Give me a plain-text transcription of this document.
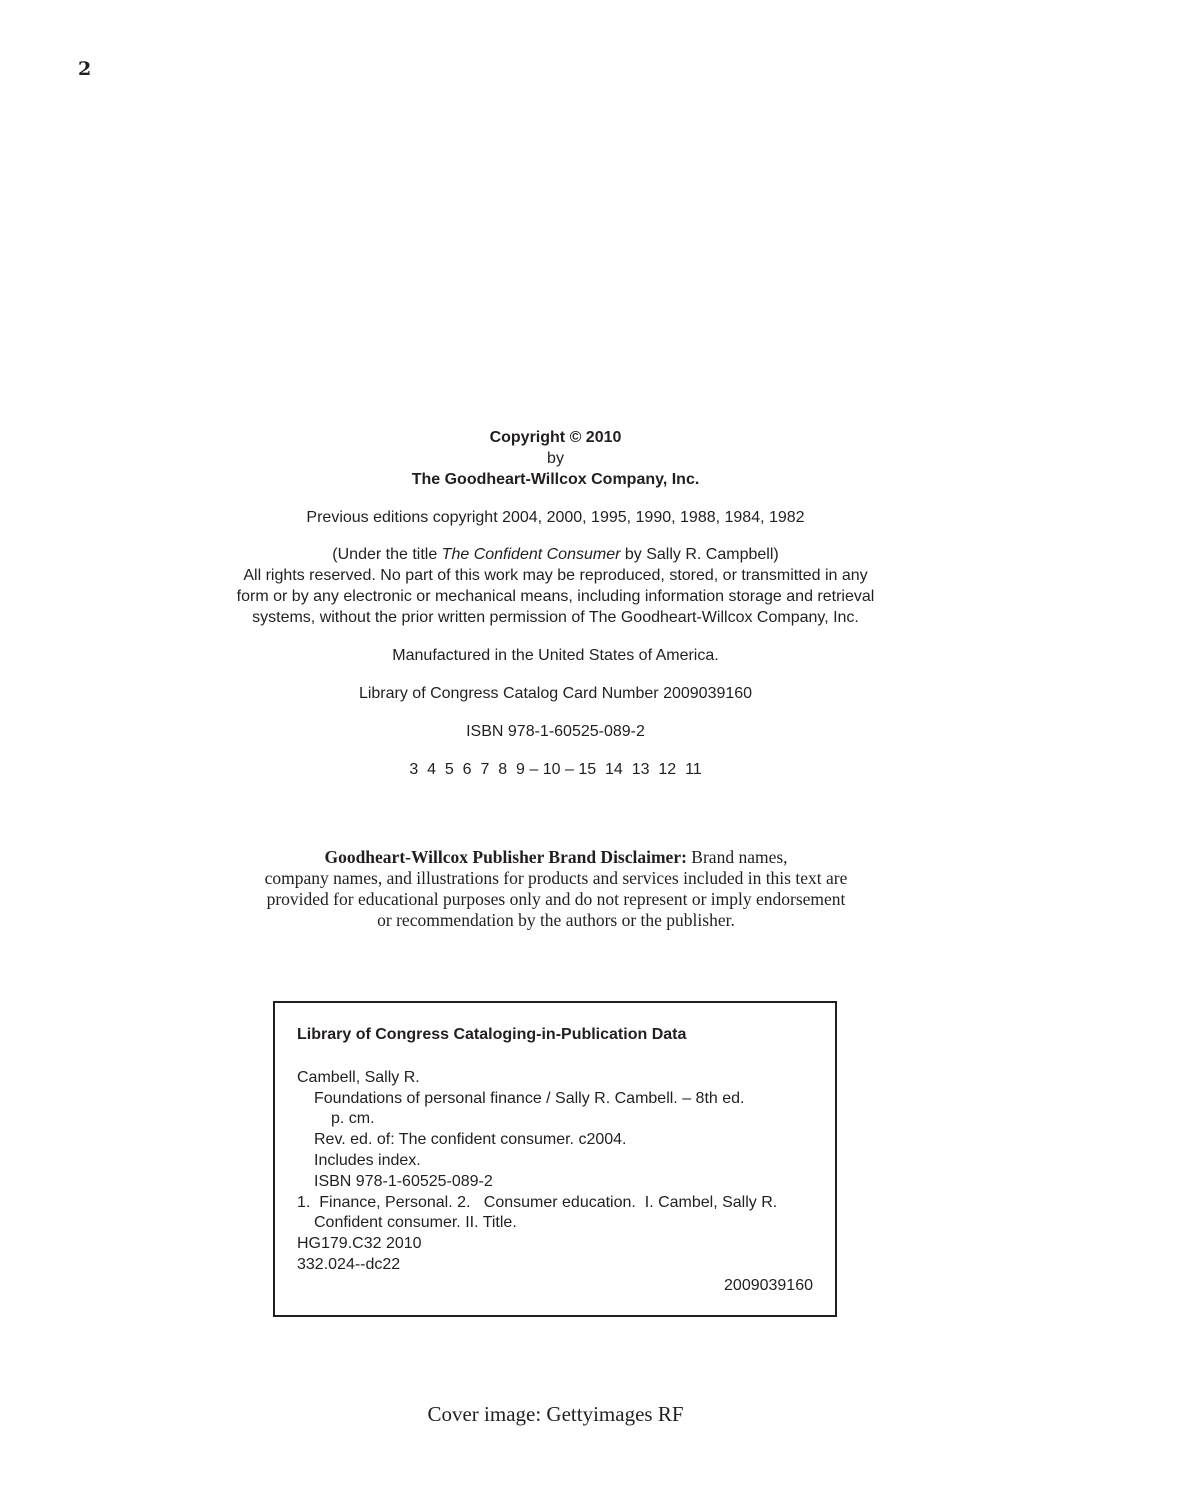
2
Copyright © 2010
by
The Goodheart-Willcox Company, Inc.
Previous editions copyright 2004, 2000, 1995, 1990, 1988, 1984, 1982
(Under the title The Confident Consumer by Sally R. Campbell)
All rights reserved. No part of this work may be reproduced, stored, or transmitted in any
form or by any electronic or mechanical means, including information storage and retrieval
systems, without the prior written permission of The Goodheart-Willcox Company, Inc.
Manufactured in the United States of America.
Library of Congress Catalog Card Number 2009039160
ISBN 978-1-60525-089-2
3  4  5  6  7  8  9 – 10 – 15  14  13  12  11
Goodheart-Willcox Publisher Brand Disclaimer: Brand names,
company names, and illustrations for products and services included in this text are
provided for educational purposes only and do not represent or imply endorsement
or recommendation by the authors or the publisher.
Library of Congress Cataloging-in-Publication Data
Cambell, Sally R.
Foundations of personal finance / Sally R. Cambell. – 8th ed.
p. cm.
Rev. ed. of: The confident consumer. c2004.
Includes index.
ISBN 978-1-60525-089-2
1.  Finance, Personal. 2.   Consumer education.  I. Cambel, Sally R.
Confident consumer. II. Title.
HG179.C32 2010
332.024--dc22
2009039160
Cover image: Gettyimages RF
